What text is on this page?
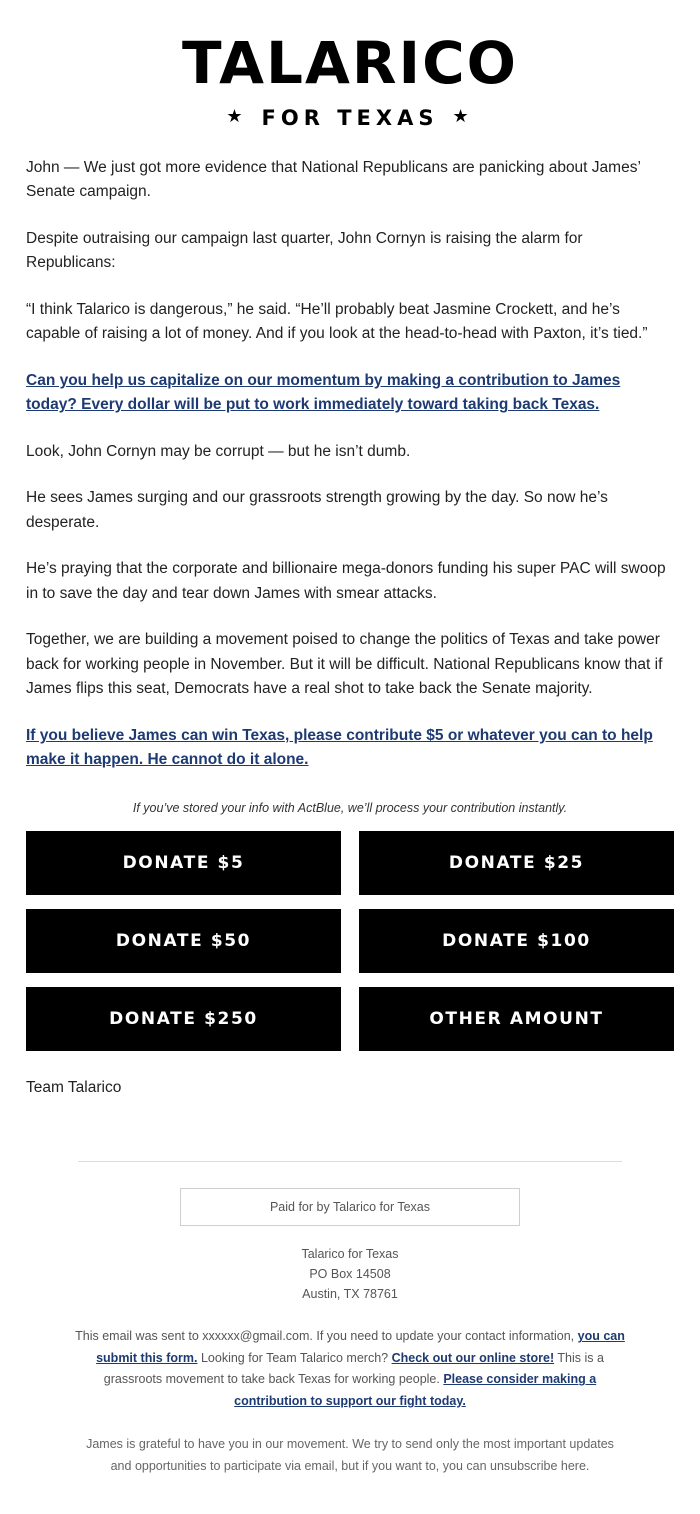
TALARICO
★ FOR TEXAS ★

John — We just got more evidence that National Republicans are panicking about James’ Senate campaign.

Despite outraising our campaign last quarter, John Cornyn is raising the alarm for Republicans:

“I think Talarico is dangerous,” he said. “He’ll probably beat Jasmine Crockett, and he’s capable of raising a lot of money. And if you look at the head-to-head with Paxton, it’s tied.”

Can you help us capitalize on our momentum by making a contribution to James today? Every dollar will be put to work immediately toward taking back Texas.

Look, John Cornyn may be corrupt — but he isn’t dumb.

He sees James surging and our grassroots strength growing by the day. So now he’s desperate.

He’s praying that the corporate and billionaire mega-donors funding his super PAC will swoop in to save the day and tear down James with smear attacks.

Together, we are building a movement poised to change the politics of Texas and take power back for working people in November. But it will be difficult. National Republicans know that if James flips this seat, Democrats have a real shot to take back the Senate majority.

If you believe James can win Texas, please contribute $5 or whatever you can to help make it happen. He cannot do it alone.
If you’ve stored your info with ActBlue, we’ll process your contribution instantly.
DONATE $5	DONATE $25
DONATE $50	DONATE $100
DONATE $250	OTHER AMOUNT
Team Talarico
Paid for by Talarico for Texas
Talarico for Texas
PO Box 14508
Austin, TX 78761
This email was sent to xxxxxx@gmail.com. If you need to update your contact information, you can submit this form. Looking for Team Talarico merch? Check out our online store! This is a grassroots movement to take back Texas for working people. Please consider making a contribution to support our fight today.
James is grateful to have you in our movement. We try to send only the most important updates and opportunities to participate via email, but if you want to, you can unsubscribe here.
